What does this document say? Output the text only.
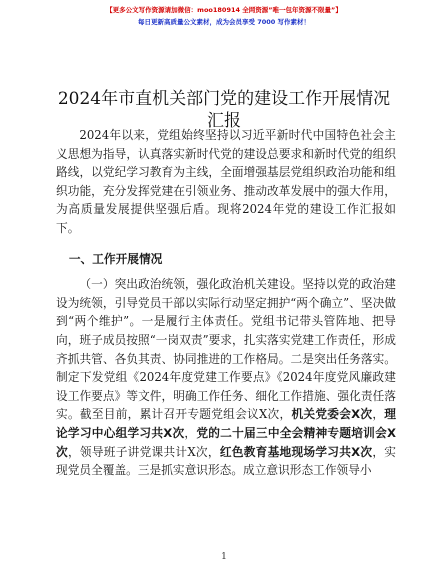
【更多公文写作资源请加微信：moo180914 全网资源”唯一包年资源不限量”】
每日更新高质量公文素材，成为会员享受 7000 写作素材！
2024年市直机关部门党的建设工作开展情况汇报

2024年以来，党组始终坚持以习近平新时代中国特色社会主义思想为指导，认真落实新时代党的建设总要求和新时代党的组织路线，以党纪学习教育为主线，全面增强基层党组织政治功能和组织功能，充分发挥党建在引领业务、推动改革发展中的强大作用，为高质量发展提供坚强后盾。现将2024年党的建设工作汇报如下。

一、工作开展情况

（一）突出政治统领，强化政治机关建设。坚持以党的政治建设为统领，引导党员干部以实际行动坚定拥护“两个确立”、坚决做到“两个维护”。一是履行主体责任。党组书记带头管阵地、把导向，班子成员按照“一岗双责”要求，扎实落实党建工作责任，形成齐抓共管、各负其责、协同推进的工作格局。二是突出任务落实。制定下发党组《2024年度党建工作要点》《2024年度党风廉政建设工作要点》等文件，明确工作任务、细化工作措施、强化责任落实。截至目前，累计召开专题党组会议X次，机关党委会X次，理论学习中心组学习共X次，党的二十届三中全会精神专题培训会X次，领导班子讲党课共计X次，红色教育基地现场学习共X次，实现党员全覆盖。三是抓实意识形态。成立意识形态工作领导小

1
